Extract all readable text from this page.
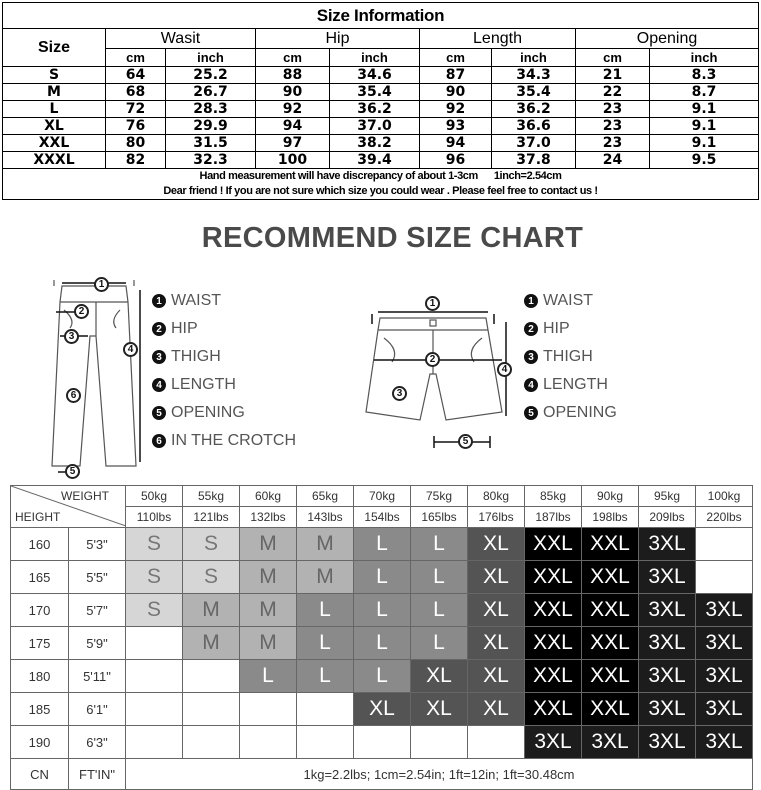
Size Information								
Size	Wasit		Hip		Length		Opening	
	cm	inch	cm	inch	cm	inch	cm	inch
S	64	25.2	88	34.6	87	34.3	21	8.3
M	68	26.7	90	35.4	90	35.4	22	8.7
L	72	28.3	92	36.2	92	36.2	23	9.1
XL	76	29.9	94	37.0	93	36.6	23	9.1
XXL	80	31.5	97	38.2	94	37.0	23	9.1
XXXL	82	32.3	100	39.4	96	37.8	24	9.5

Hand measurement will have discrepancy of about 1-3cm      1inch=2.54cm
Dear friend ! If you are not sure which size you could wear . Please feel free to contact us !								
RECOMMEND SIZE CHART
1
2
3
4
5
6
1 WAIST
2 HIP
3 THIGH
4 LENGTH
5 OPENING
6 IN THE CROTCH
1
2
3
4
5
1 WAIST
2 HIP
3 THIGH
4 LENGTH
5 OPENING
WEIGHT
HEIGHT		50kg	55kg	60kg	65kg	70kg	75kg	80kg	85kg	90kg	95kg	100kg
		110lbs	121lbs	132lbs	143lbs	154lbs	165lbs	176lbs	187lbs	198lbs	209lbs	220lbs
160	5'3"	S	S	M	M	L	L	XL	XXL	XXL	3XL	
165	5'5"	S	S	M	M	L	L	XL	XXL	XXL	3XL	
170	5'7"	S	M	M	L	L	L	XL	XXL	XXL	3XL	3XL
175	5'9"		M	M	L	L	L	XL	XXL	XXL	3XL	3XL
180	5'11"			L	L	L	XL	XL	XXL	XXL	3XL	3XL
185	6'1"					XL	XL	XL	XXL	XXL	3XL	3XL
190	6'3"								3XL	3XL	3XL	3XL
CN	FT'IN"	1kg=2.2lbs; 1cm=2.54in; 1ft=12in; 1ft=30.48cm										
